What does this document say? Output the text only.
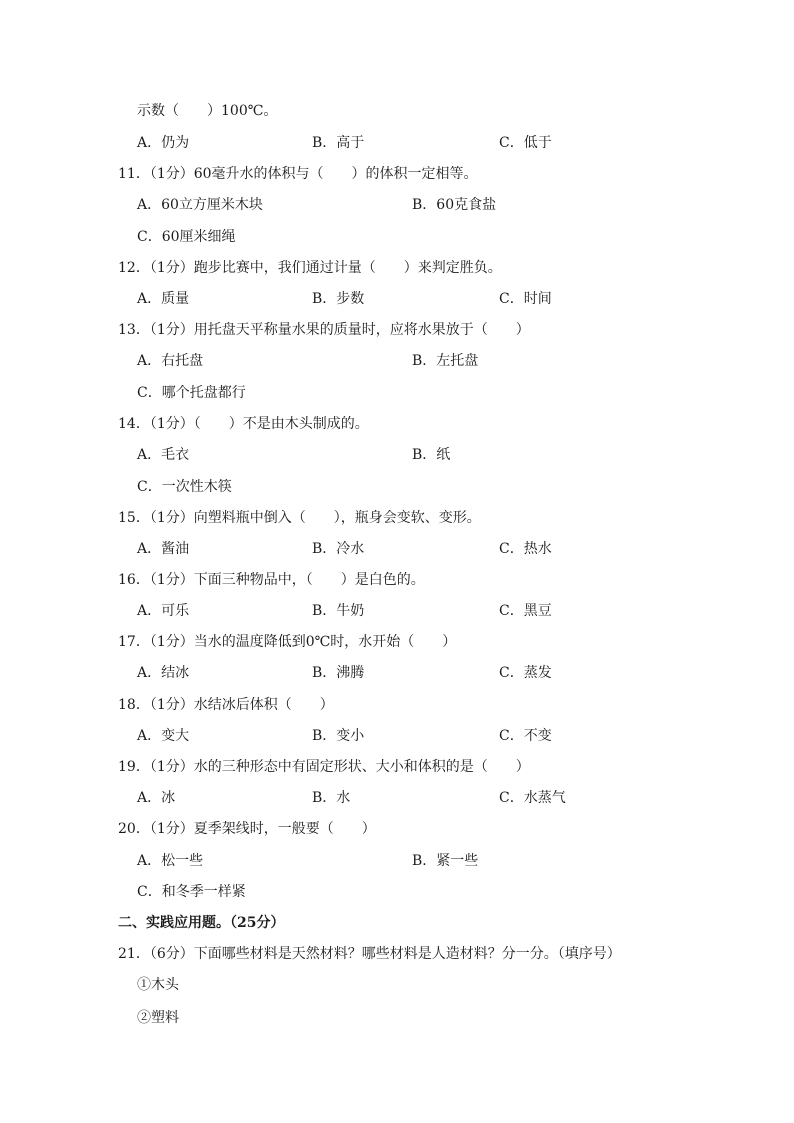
示数（　　）100℃。
A．仍为	B．高于	C．低于
11．（1分）60毫升水的体积与（　　）的体积一定相等。
A．60立方厘米木块	B．60克食盐
C．60厘米细绳
12．（1分）跑步比赛中，我们通过计量（　　）来判定胜负。
A．质量	B．步数	C．时间
13．（1分）用托盘天平称量水果的质量时，应将水果放于（　　）
A．右托盘	B．左托盘
C．哪个托盘都行
14．（1分）（　　）不是由木头制成的。
A．毛衣	B．纸
C．一次性木筷
15．（1分）向塑料瓶中倒入（　　），瓶身会变软、变形。
A．酱油	B．冷水	C．热水
16．（1分）下面三种物品中，（　　）是白色的。
A．可乐	B．牛奶	C．黑豆
17．（1分）当水的温度降低到0℃时，水开始（　　）
A．结冰	B．沸腾	C．蒸发
18．（1分）水结冰后体积（　　）
A．变大	B．变小	C．不变
19．（1分）水的三种形态中有固定形状、大小和体积的是（　　）
A．冰	B．水	C．水蒸气
20．（1分）夏季架线时，一般要（　　）
A．松一些	B．紧一些
C．和冬季一样紧
二、实践应用题。（25分）
21．（6分）下面哪些材料是天然材料？哪些材料是人造材料？分一分。（填序号）
①木头
②塑料
